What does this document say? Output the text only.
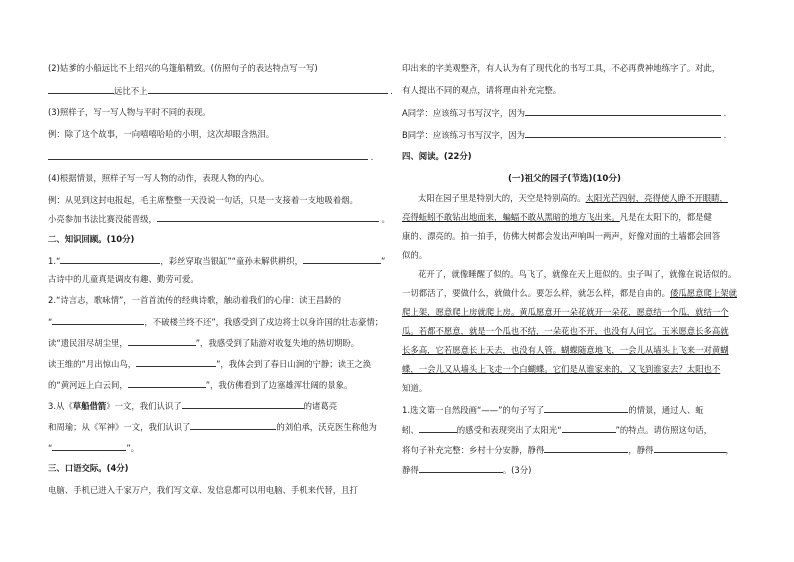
(2)姑爹的小船远比不上绍兴的乌篷船精致。(仿照句子的表达特点写一写)
远比不上	.
(3)照样子，写一写人物与平时不同的表现。
例：除了这个故事，一向嘻嘻哈哈的小明，这次却眼含热泪。
.
(4)根据情景，照样子写一写人物的动作，表现人物的内心。
例：从见到这封电报起，毛主席整整一天没说一句话，只是一支接着一支地吸着烟。
小亮参加书法比赛没能晋级，	。
二、知识回顾。(10分)
1.“	，彩丝穿取当银缸”“童孙未解供耕织，	”
古诗中的儿童真是调皮有趣、勤劳可爱。
2.“诗言志，歌咏情”，一首首流传的经典诗歌，触动着我们的心扉：读王昌龄的
“	，不破楼兰终不还”，我感受到了戍边将士以身许国的壮志豪情；
读“遗民泪尽胡尘里，	”，我感受到了陆游对收复失地的热切期盼。
读王维的“月出惊山鸟，	”，我体会到了春日山涧的宁静；读王之涣
的“黄河远上白云间，	”，我仿佛看到了边塞雄浑壮阔的景象。
3.从《草船借箭》一文，我们认识了	的诸葛亮
和周瑜；从《军神》一文，我们认识了	的刘伯承，沃克医生称他为
“	”。
三、口语交际。(4分)
电脑、手机已进入千家万户，我们写文章、发信息都可以用电脑、手机来代替，且打
印出来的字美观整齐，有人认为有了现代化的书写工具，不必再费神地练字了。对此，
有人提出不同的观点，请将理由补充完整。
A同学：应该练习书写汉字，因为	.
B同学：应该练习书写汉字，因为	.
四、阅读。(22分)
(一)祖父的园子(节选)(10分)
太阳在园子里是特别大的，天空是特别高的。太阳光芒四射，亮得使人睁不开眼睛，
亮得蚯蚓不敢钻出地面来，蝙蝠不敢从黑暗的地方飞出来。凡是在太阳下的，都是健
康的、漂亮的。拍一拍手，仿佛大树都会发出声响叫一两声，好像对面的土墙都会回答
似的。
花开了，就像睡醒了似的。鸟飞了，就像在天上逛似的。虫子叫了，就像在说话似的。
一切都活了，要做什么，就做什么。要怎么样，就怎么样，都是自由的。倭瓜愿意爬上架就
爬上架，愿意爬上房就爬上房。黄瓜愿意开一朵花就开一朵花，愿意结一个瓜，就结一个
瓜。若都不愿意，就是一个瓜也不结，一朵花也不开，也没有人问它。玉米愿意长多高就
长多高，它若愿意长上天去，也没有人管。蝴蝶随意地飞，一会儿从墙头上飞来一对黄蝴
蝶，一会儿又从墙头上飞走一个白蝴蝶。它们是从谁家来的，又飞到谁家去？太阳也不
知道。
1.选文第一自然段画“——”的句子写了	的情景，通过人、蚯
蚓、	的感受和表现突出了太阳光“	”的特点。请仿照这句话，
将句子补充完整：乡村十分安静，静得	，静得	，
静得	。(3分)
